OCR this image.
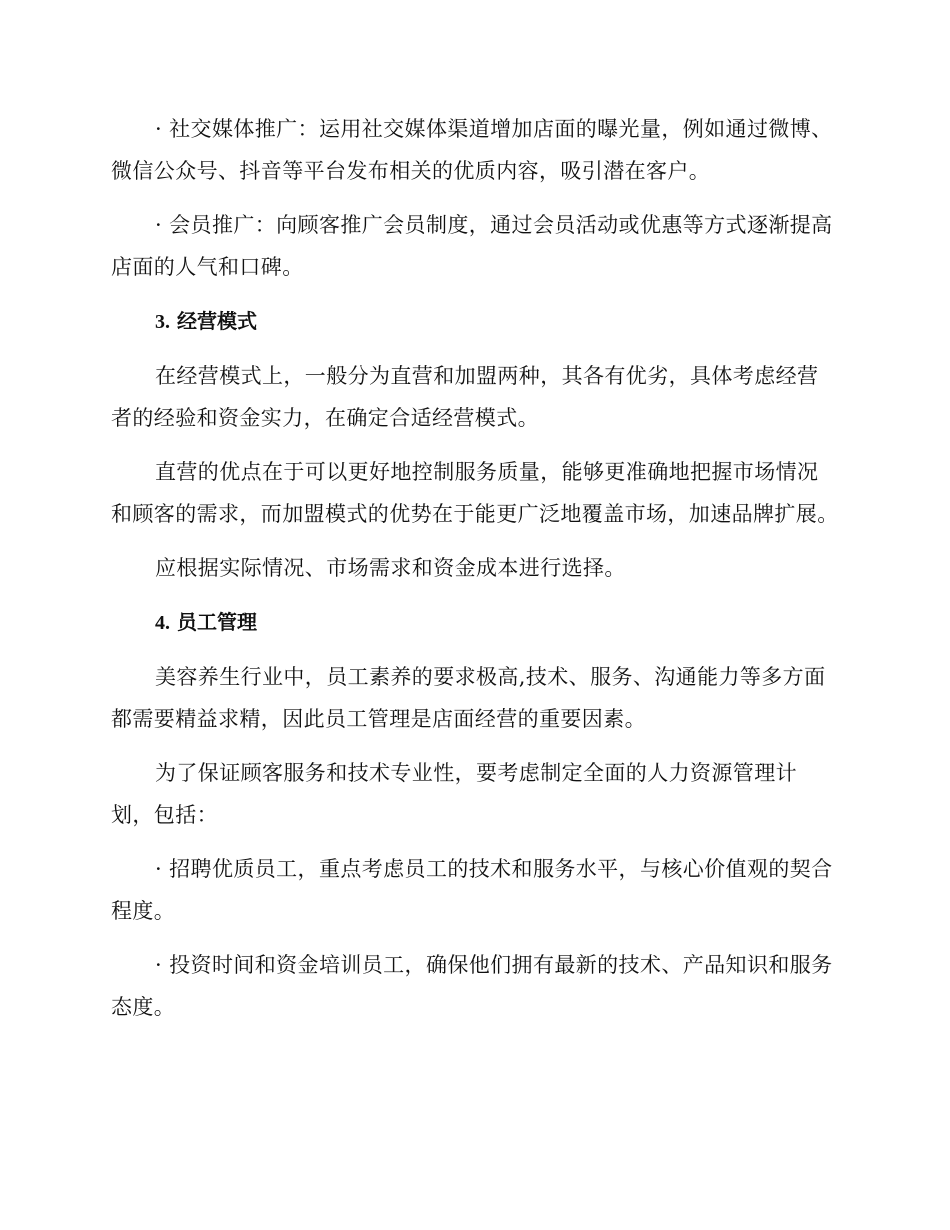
· 社交媒体推广：运用社交媒体渠道增加店面的曝光量，例如通过微博、微信公众号、抖音等平台发布相关的优质内容，吸引潜在客户。

· 会员推广：向顾客推广会员制度，通过会员活动或优惠等方式逐渐提高店面的人气和口碑。

3. 经营模式

在经营模式上，一般分为直营和加盟两种，其各有优劣，具体考虑经营者的经验和资金实力，在确定合适经营模式。

直营的优点在于可以更好地控制服务质量，能够更准确地把握市场情况和顾客的需求，而加盟模式的优势在于能更广泛地覆盖市场，加速品牌扩展。

应根据实际情况、市场需求和资金成本进行选择。

4. 员工管理

美容养生行业中，员工素养的要求极高,技术、服务、沟通能力等多方面都需要精益求精，因此员工管理是店面经营的重要因素。

为了保证顾客服务和技术专业性，要考虑制定全面的人力资源管理计划，包括：

· 招聘优质员工，重点考虑员工的技术和服务水平，与核心价值观的契合程度。

· 投资时间和资金培训员工，确保他们拥有最新的技术、产品知识和服务态度。
